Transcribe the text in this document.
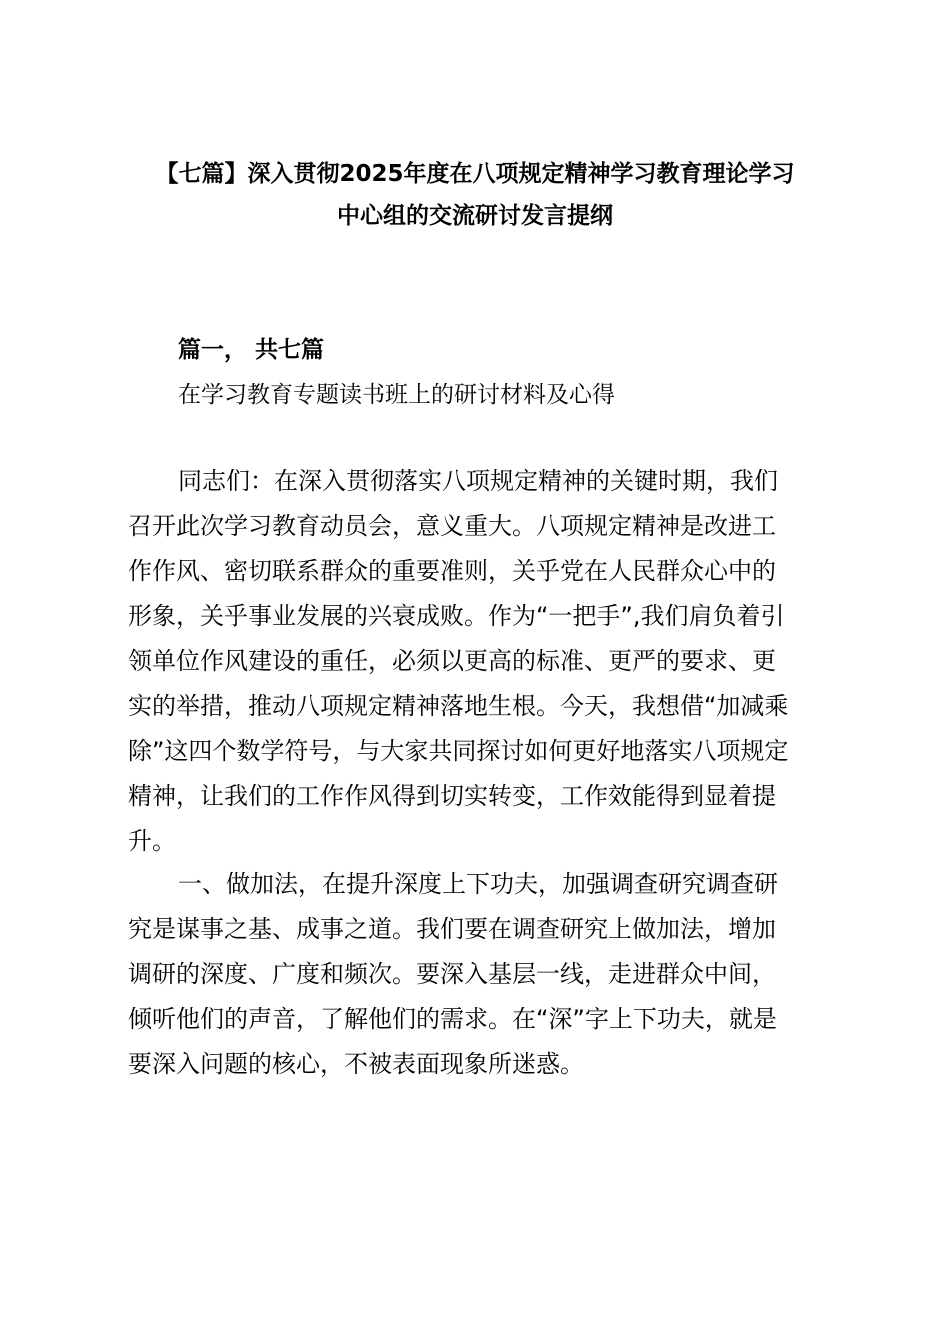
【七篇】深入贯彻2025年度在八项规定精神学习教育理论学习
中心组的交流研讨发言提纲
篇一， 共七篇
在学习教育专题读书班上的研讨材料及心得
同志们：在深入贯彻落实八项规定精神的关键时期，我们
召开此次学习教育动员会，意义重大。八项规定精神是改进工
作作风、密切联系群众的重要准则，关乎党在人民群众心中的
形象，关乎事业发展的兴衰成败。作为“一把手”,我们肩负着引
领单位作风建设的重任，必须以更高的标准、更严的要求、更
实的举措，推动八项规定精神落地生根。今天，我想借“加减乘
除”这四个数学符号，与大家共同探讨如何更好地落实八项规定
精神，让我们的工作作风得到切实转变，工作效能得到显着提
升。
一、做加法，在提升深度上下功夫，加强调查研究调查研
究是谋事之基、成事之道。我们要在调查研究上做加法，增加
调研的深度、广度和频次。要深入基层一线，走进群众中间，
倾听他们的声音，了解他们的需求。在“深”字上下功夫，就是
要深入问题的核心，不被表面现象所迷惑。
